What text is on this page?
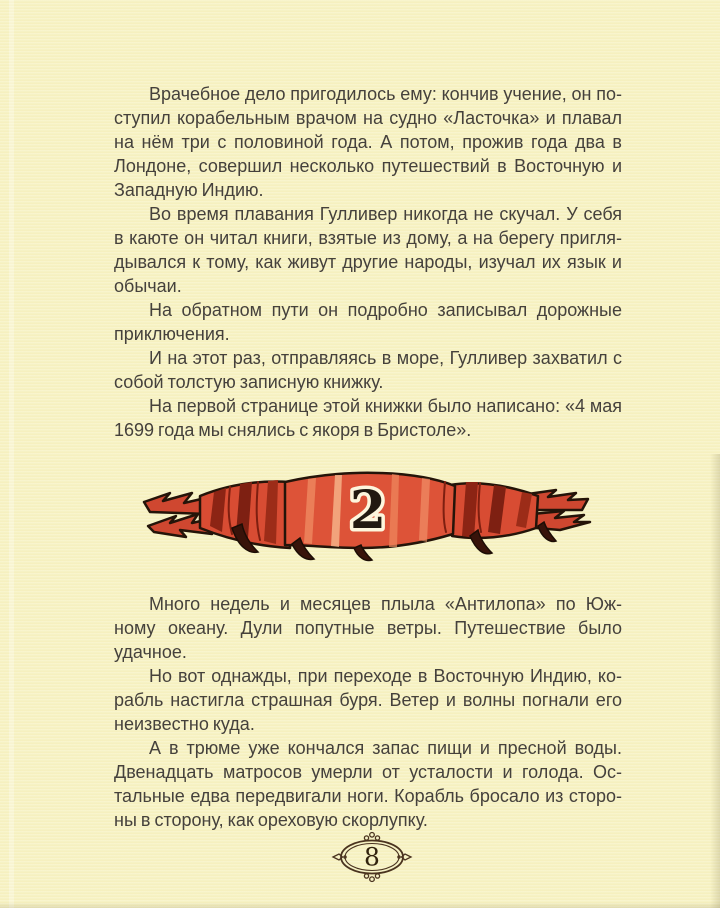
Врачебное дело пригодилось ему: кончив учение, он по-
ступил корабельным врачом на судно «Ласточка» и плавал
на нём три с половиной года. А потом, прожив года два в
Лондоне, совершил несколько путешествий в Восточную и
Западную Индию.
Во время плавания Гулливер никогда не скучал. У себя
в каюте он читал книги, взятые из дому, а на берегу пригля-
дывался к тому, как живут другие народы, изучал их язык и
обычаи.
На обратном пути он подробно записывал дорожные
приключения.
И на этот раз, отправляясь в море, Гулливер захватил с
собой толстую записную книжку.
На первой странице этой книжки было написано: «4 мая
1699 года мы снялись с якоря в Бристоле».
2
Много недель и месяцев плыла «Антилопа» по Юж-
ному океану. Дули попутные ветры. Путешествие было
удачное.
Но вот однажды, при переходе в Восточную Индию, ко-
рабль настигла страшная буря. Ветер и волны погнали его
неизвестно куда.
А в трюме уже кончался запас пищи и пресной воды.
Двенадцать матросов умерли от усталости и голода. Ос-
тальные едва передвигали ноги. Корабль бросало из сторо-
ны в сторону, как ореховую скорлупку.
8
